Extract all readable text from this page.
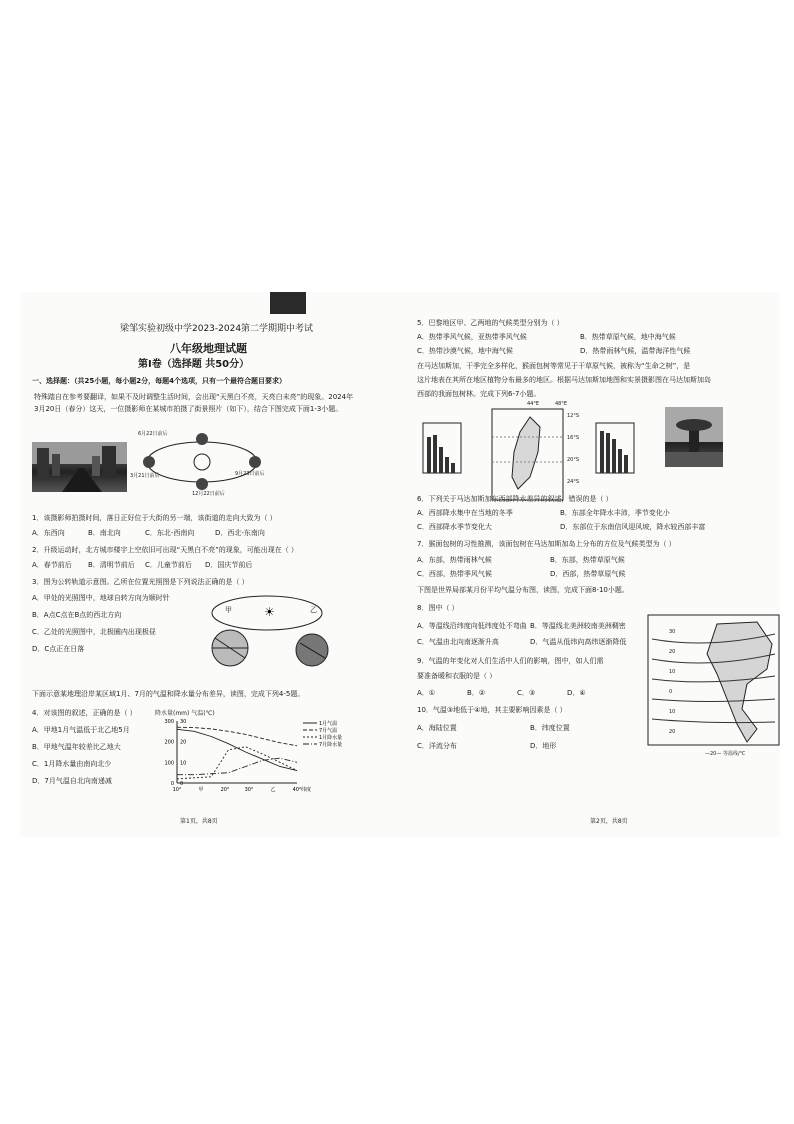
梁邹实验初级中学2023-2024第二学期期中考试
八年级地理试题
第Ⅰ卷（选择题 共50分）
一、选择题：（共25小题，每小题2分，每题4个选项，只有一个最符合题目要求）
特殊踏自在参考要翻译，如果不及时调整生活时间，会出现“天黑白不亮，天亮白未亮”的现象。2024年
3月20日（春分）这天，一位摄影师在某城市拍摄了街景照片（如下），结合下图完成下面1-3小题。
6月22日前后
3月21日前后	9月23日前后
12月22日前后
1．该摄影师拍摄时间，落日正好位于大街的另一端，该街道的走向大致为（ ）
A．东西向	B．南北向	C．东北-西南向	D．西北-东南向
2．升级运动时，北方城市楼宇上空依旧可出现“天黑白不亮”的现象，可能出现在（ ）
A．春节前后 B．清明节前后 C．儿童节前后 D．国庆节前后
3．图为公转轨道示意图。乙所在位置光照图是下列说法正确的是（ ）
A．甲处的光照图中，地球自转方向为顺时针
B．A点C点在B点的西北方向
C．乙处的光照图中，北极圈内出现极昼
D．C点正在日落
☀
甲	乙
下面示意某地理沿岸某区域1月、7月的气温和降水量分布差异，读图，完成下列4-5题。
4．对该图的叙述，正确的是（ ）
A．甲地1月气温低于北乙地5月
B．甲地气温年较差比乙地大
C．1月降水量由南向北少
D．7月气温自北向南递减
降水量(mm) 气温(℃)
0
100
200
300
0
10
20
30
10°	甲	20°	30°	乙	40° 纬度
1月气温
7月气温
1月降水量
7月降水量
第1页，共8页
5．巴黎地区甲、乙两地的气候类型分别为（ ）
A．热带季风气候，亚热带季风气候	B．热带草原气候，地中海气候
C．热带沙漠气候，地中海气候	D．热带雨林气候，温带海洋性气候
在马达加斯加，干季完全多样化，猴面包树等常见于干草原气候，被称为“生命之树”，是
这片地表在其所在地区植物分布最多的地区。根据马达加斯加地图和实景摄影图在马达加斯加岛
西部的我面包树林。完成下列6-7小题。
12°S
16°S
20°S
24°S
44°E	48°E
6．下列关于马达加斯加东西部降水差异的叙述，错误的是（ ）
A．西部降水集中在当地的冬季	B．东部全年降水丰沛，季节变化小
C．西部降水季节变化大	D．东部位于东南信风迎风坡，降水较西部丰富
7．猴面包树的习性推测，该面包树在马达加斯加岛上分布的方位及气候类型为（ ）
A．东部，热带雨林气候	B．东部，热带草原气候
C．西部，热带季风气候	D．西部，热带草原气候
下图是世界局部某月份平均气温分布图，读图，完成下面8-10小题。
8．图中（ ）
A．等温线沿纬度向低纬度处不弯曲 B．等温线北美洲较南美洲稠密
C．气温由北向南逐渐升高	D．气温从低纬向高纬逐渐降低
9．气温的年变化对人们生活中人们的影响，图中，如人们需
要准备暖和衣服的是（ ）
A．①	B．②	C．③	D．④
10．气温③地低于④地，其主要影响因素是（ ）
A．海陆位置	B．纬度位置
C．洋流分布	D．地形
30
20
10
0
10
20
—20— 等温线/℃
第2页，共8页
